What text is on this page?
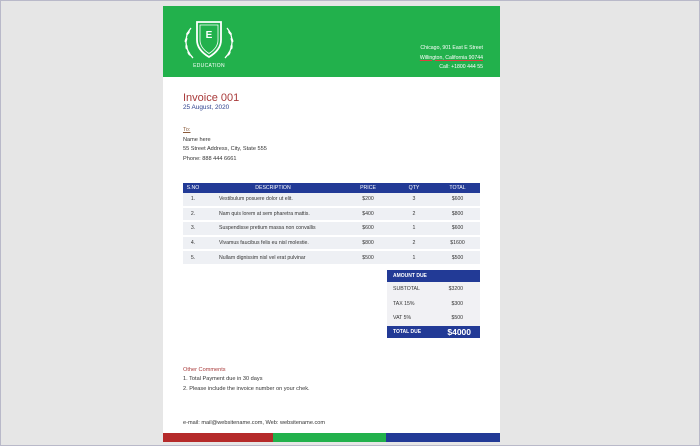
E
EDUCATION
Chicago, 901 East E Street
Willington, California 90744
Call: +1800 444 55
Invoice 001
25 August, 2020
To:
Name here
55 Street Address, City, State 555
Phone: 888 444 6661
S.NO	DESCRIPTION	PRICE	QTY	TOTAL
1.	Vestibulum posuere dolor ut elit.	$200	3	$600
2.	Nam quis lorem at sem pharetra mattis.	$400	2	$800
3.	Suspendisse pretium massa non convallis	$600	1	$600
4.	Vivamus faucibus felis eu nisl molestie.	$800	2	$1600
5.	Nullam dignissim nisl vel erat pulvinar	$500	1	$500
AMOUNT DUE
SUBTOTAL	$3200
TAX 15%	$300
VAT 5%	$500
TOTAL DUE	$4000
Other Comments
1. Total Payment due in 30 days
2. Please include the invoice number on your chek.
e-mail: mail@websitename.com, Web: websitename.com
